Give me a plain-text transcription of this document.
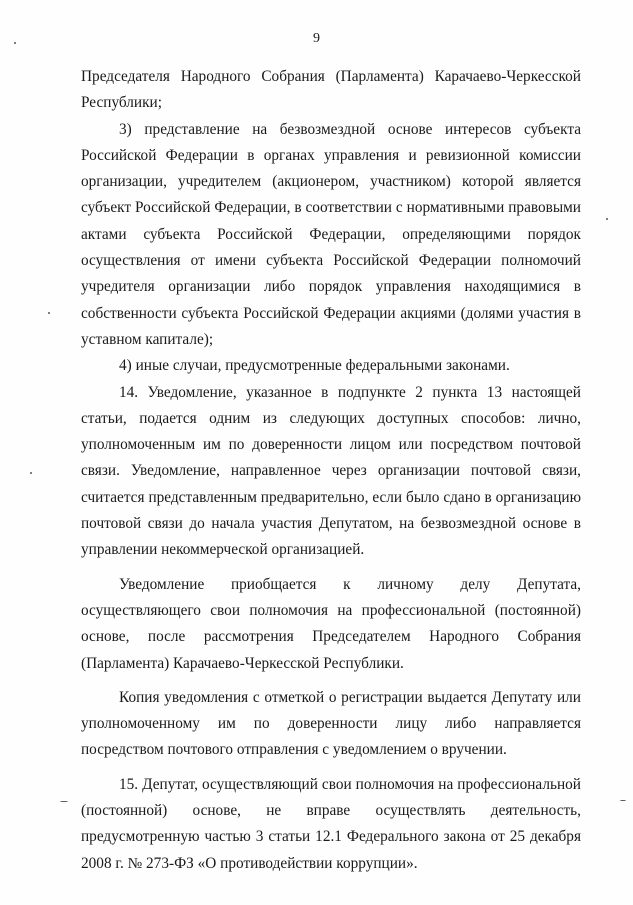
9

Председателя Народного Собрания (Парламента) Карачаево-Черкесской Республики;

3) представление на безвозмездной основе интересов субъекта Российской Федерации в органах управления и ревизионной комиссии организации, учредителем (акционером, участником) которой является субъект Российской Федерации, в соответствии с нормативными правовыми актами субъекта Российской Федерации, определяющими порядок осуществления от имени субъекта Российской Федерации полномочий учредителя организации либо порядок управления находящимися в собственности субъекта Российской Федерации акциями (долями участия в уставном капитале);

4) иные случаи, предусмотренные федеральными законами.

14. Уведомление, указанное в подпункте 2 пункта 13 настоящей статьи, подается одним из следующих доступных способов: лично, уполномоченным им по доверенности лицом или посредством почтовой связи. Уведомление, направленное через организации почтовой связи, считается представленным предварительно, если было сдано в организацию почтовой связи до начала участия Депутатом, на безвозмездной основе в управлении некоммерческой организацией.

Уведомление приобщается к личному делу Депутата, осуществляющего свои полномочия на профессиональной (постоянной) основе, после рассмотрения Председателем Народного Собрания (Парламента) Карачаево-Черкесской Республики.

Копия уведомления с отметкой о регистрации выдается Депутату или уполномоченному им по доверенности лицу либо направляется посредством почтового отправления с уведомлением о вручении.

15. Депутат, осуществляющий свои полномочия на профессиональной (постоянной) основе, не вправе осуществлять деятельность, предусмотренную частью 3 статьи 12.1 Федерального закона от 25 декабря 2008 г. № 273-ФЗ «О противодействии коррупции».
